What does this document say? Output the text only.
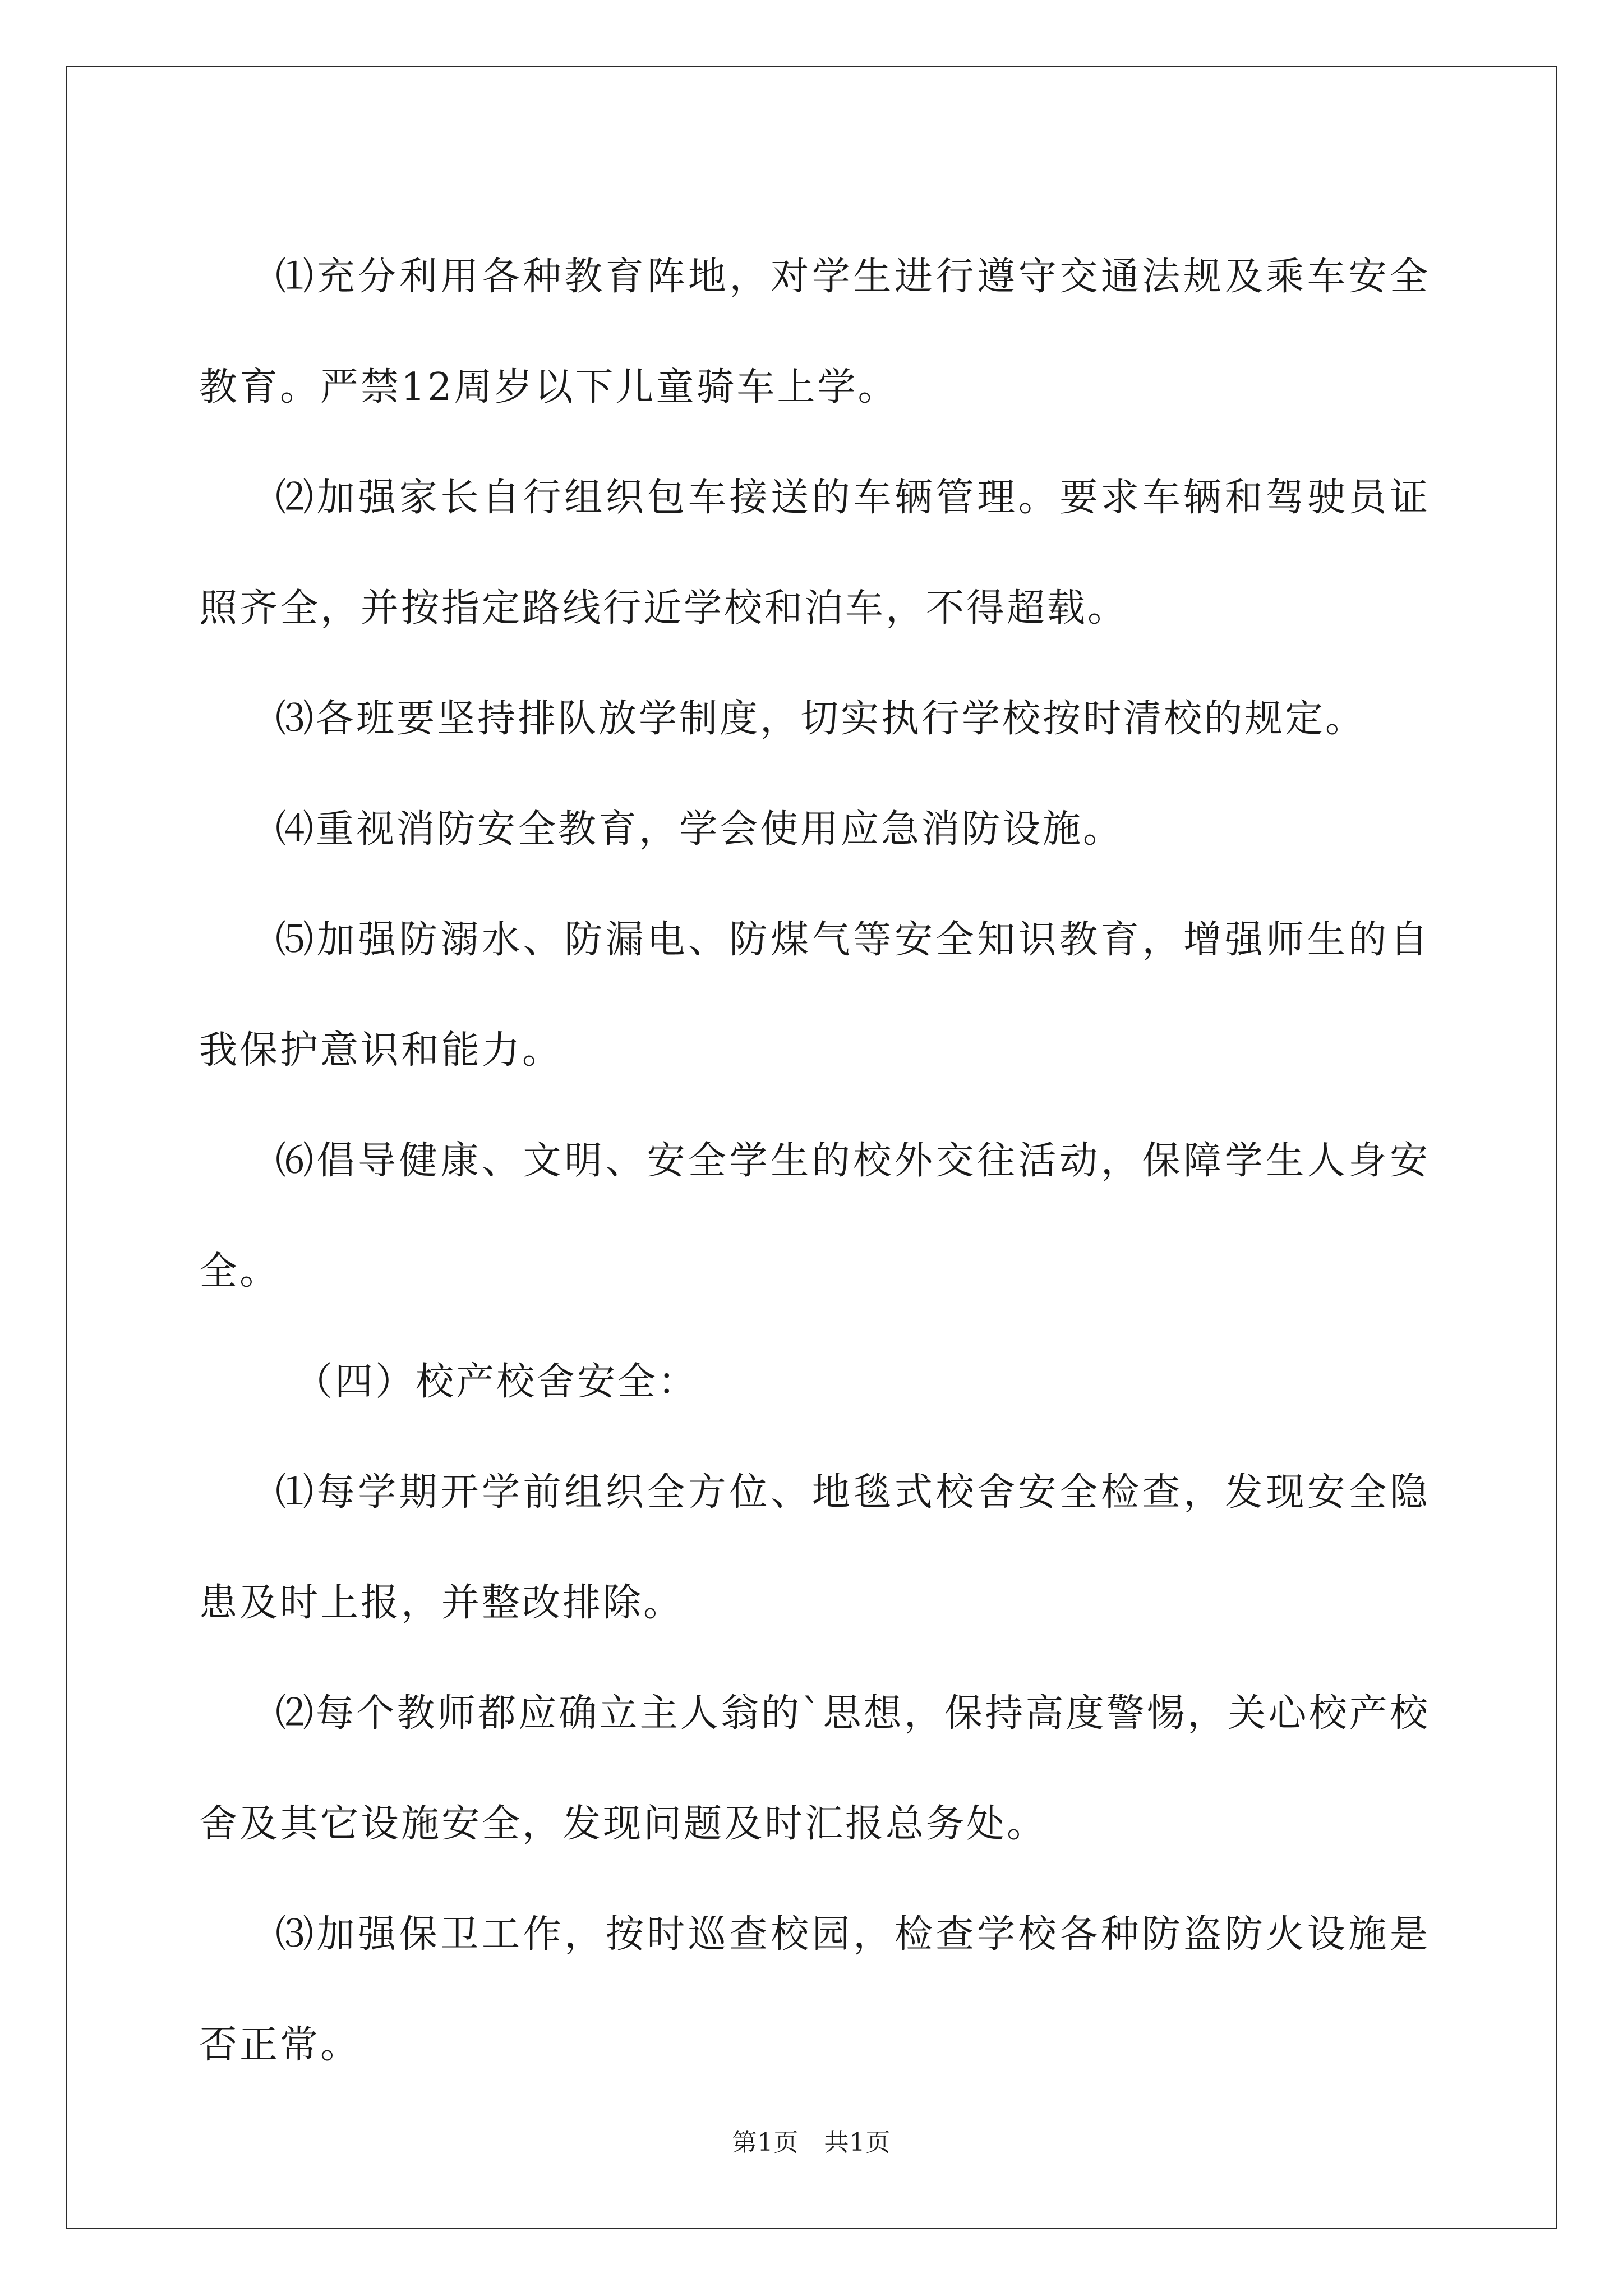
⑴充分利用各种教育阵地，对学生进行遵守交通法规及乘车安全教育。严禁12周岁以下儿童骑车上学。

⑵加强家长自行组织包车接送的车辆管理。要求车辆和驾驶员证照齐全，并按指定路线行近学校和泊车，不得超载。

⑶各班要坚持排队放学制度，切实执行学校按时清校的规定。

⑷重视消防安全教育，学会使用应急消防设施。

⑸加强防溺水、防漏电、防煤气等安全知识教育，增强师生的自我保护意识和能力。

⑹倡导健康、文明、安全学生的校外交往活动，保障学生人身安全。

（四）校产校舍安全：

⑴每学期开学前组织全方位、地毯式校舍安全检查，发现安全隐患及时上报，并整改排除。

⑵每个教师都应确立主人翁的`思想，保持高度警惕，关心校产校舍及其它设施安全，发现问题及时汇报总务处。

⑶加强保卫工作，按时巡查校园，检查学校各种防盗防火设施是否正常。

第1页 共1页
